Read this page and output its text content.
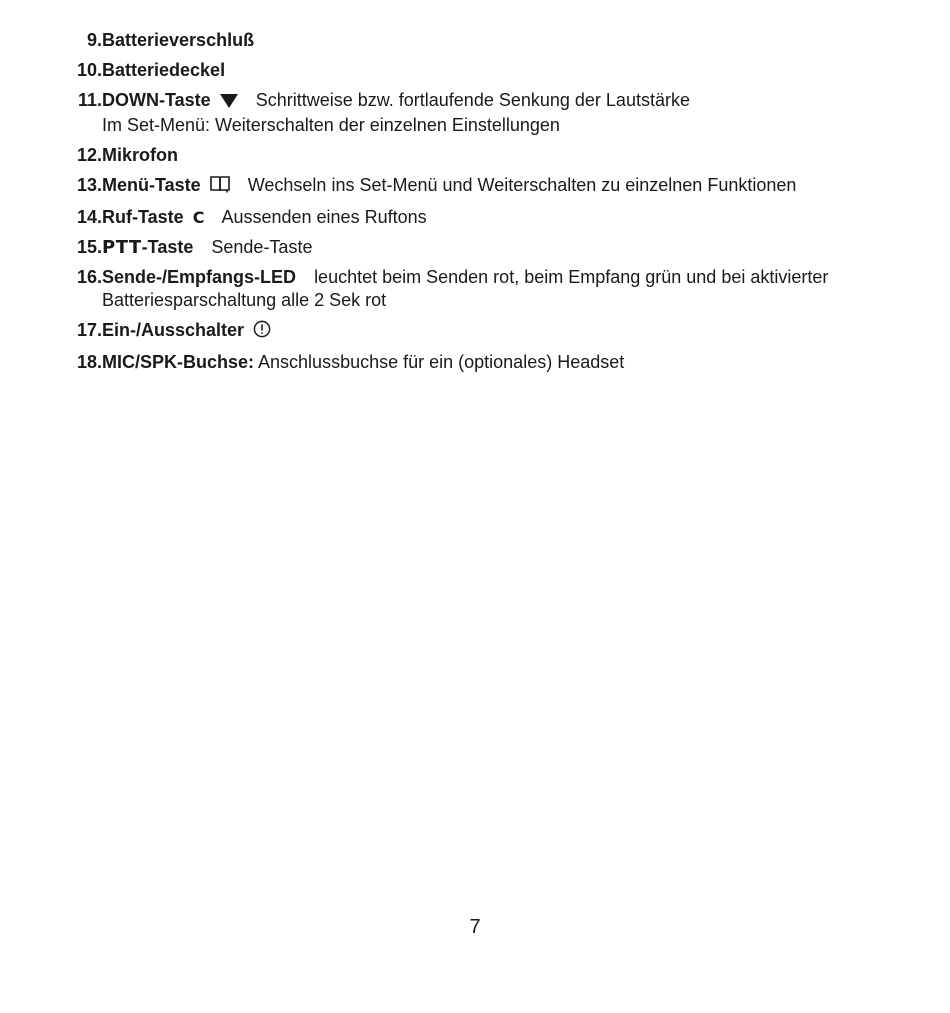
9. Batterieverschluß
10. Batteriedeckel
11. DOWN-Taste	Schrittweise bzw. fortlaufende Senkung der Lautstärke
Im Set-Menü: Weiterschalten der einzelnen Einstellungen
12. Mikrofon
13. Menü-Taste	Wechseln ins Set-Menü und Weiterschalten zu einzelnen Funktionen
14. Ruf-Taste C Aussenden eines Ruftons
15. PTT-Taste Sende-Taste
16. Sende-/Empfangs-LED leuchtet beim Senden rot, beim Empfang grün und bei aktivierter
Batteriesparschaltung alle 2 Sek rot
17. Ein-/Ausschalter
18. MIC/SPK-Buchse: Anschlussbuchse für ein (optionales) Headset
7
